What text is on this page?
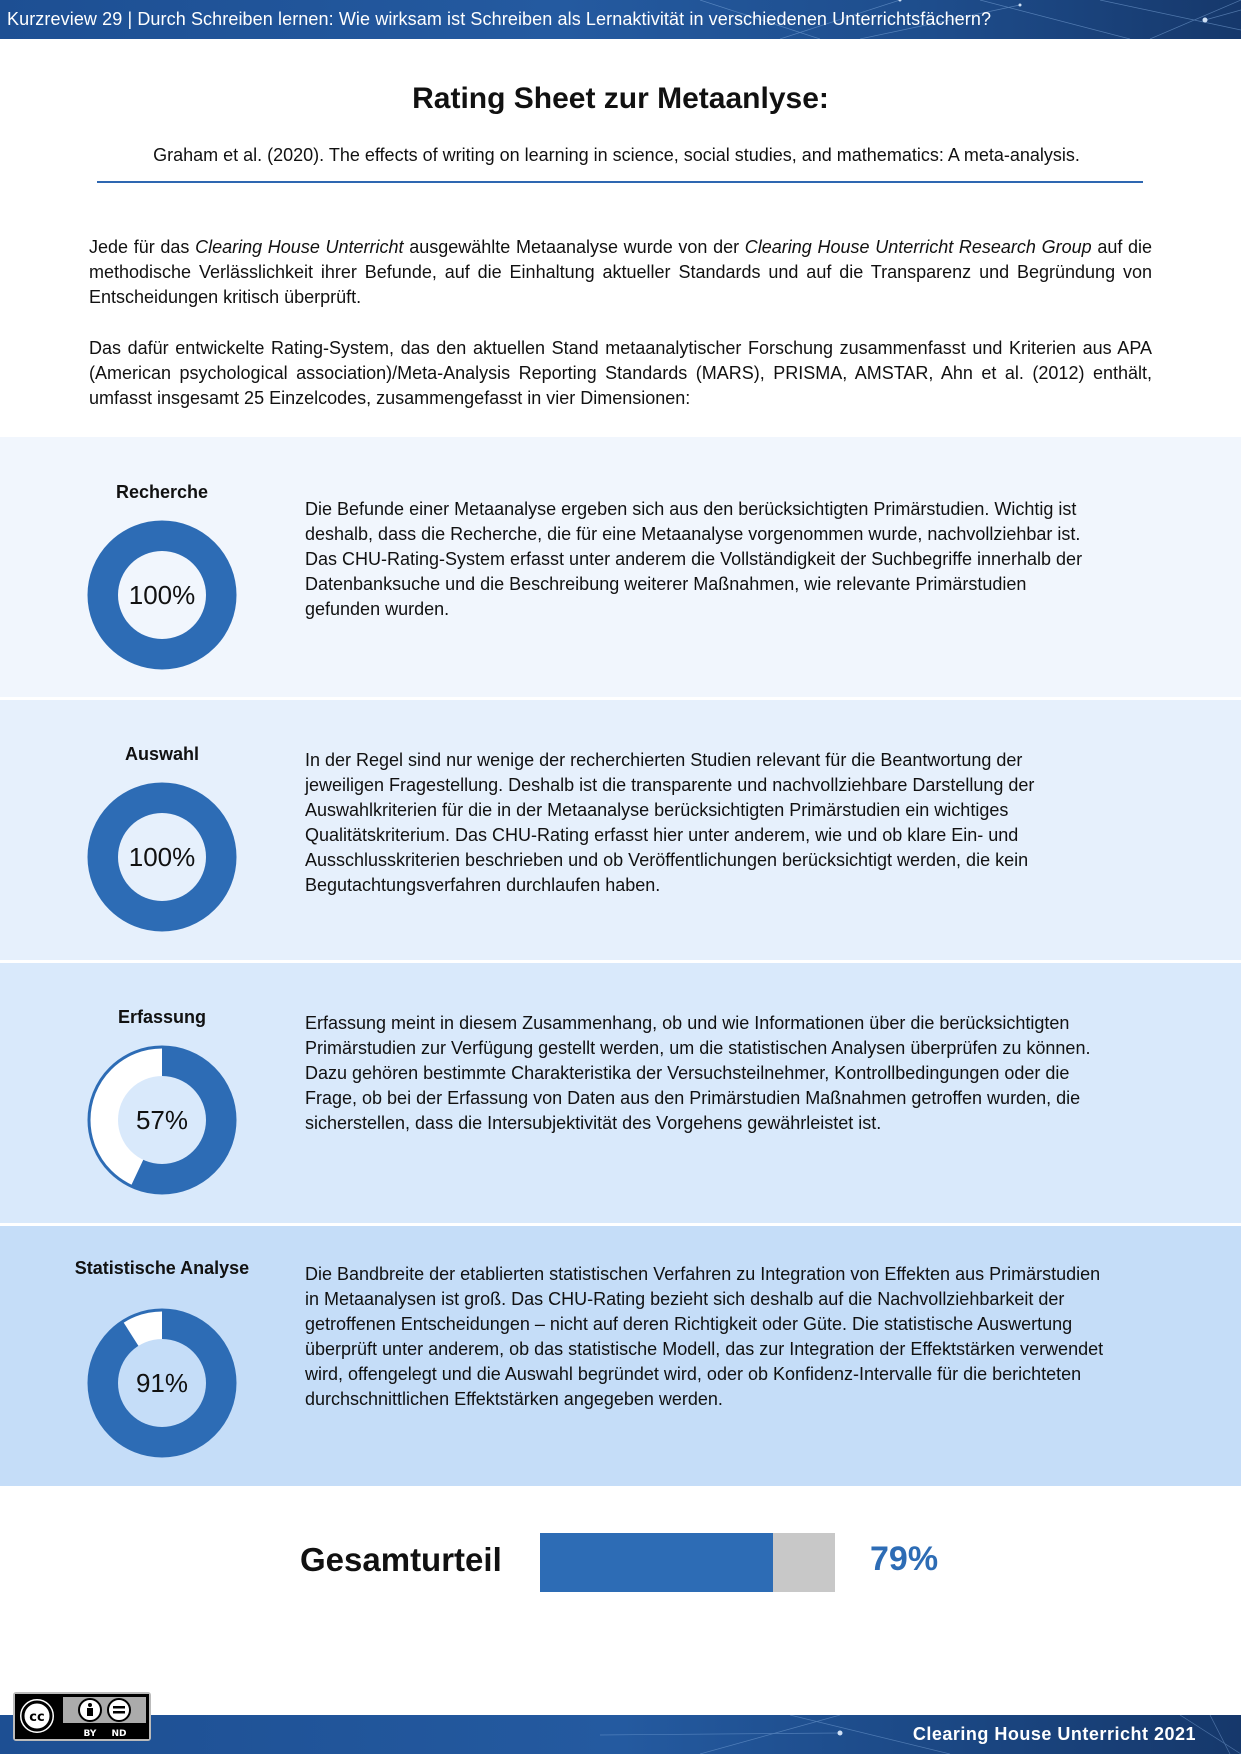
Kurzreview 29 | Durch Schreiben lernen: Wie wirksam ist Schreiben als Lernaktivität in verschiedenen Unterrichtsfächern?
Rating Sheet zur Metaanlyse:
Graham et al. (2020). The effects of writing on learning in science, social studies, and mathematics: A meta-analysis.
Jede für das Clearing House Unterricht ausgewählte Metaanalyse wurde von der Clearing House Unterricht Research Group auf die methodische Verlässlichkeit ihrer Befunde, auf die Einhaltung aktueller Standards und auf die Transparenz und Begründung von Entscheidungen kritisch überprüft.
Das dafür entwickelte Rating-System, das den aktuellen Stand metaanalytischer Forschung zusammenfasst und Kriterien aus APA (American psychological association)/Meta-Analysis Reporting Standards (MARS), PRISMA, AMSTAR, Ahn et al. (2012) enthält, umfasst insgesamt 25 Einzelcodes, zusammengefasst in vier Dimensionen:
Recherche
100%
Die Befunde einer Metaanalyse ergeben sich aus den berücksichtigten Primärstudien. Wichtig ist deshalb, dass die Recherche, die für eine Metaanalyse vorgenommen wurde, nachvollziehbar ist. Das CHU-Rating-System erfasst unter anderem die Vollständigkeit der Suchbegriffe innerhalb der Datenbanksuche und die Beschreibung weiterer Maßnahmen, wie relevante Primärstudien gefunden wurden.
Auswahl
100%
In der Regel sind nur wenige der recherchierten Studien relevant für die Beantwortung der jeweiligen Fragestellung. Deshalb ist die transparente und nachvollziehbare Darstellung der Auswahlkriterien für die in der Metaanalyse berücksichtigten Primärstudien ein wichtiges Qualitätskriterium. Das CHU-Rating erfasst hier unter anderem, wie und ob klare Ein- und Ausschlusskriterien beschrieben und ob Veröffentlichungen berücksichtigt werden, die kein Begutachtungsverfahren durchlaufen haben.
Erfassung
57%
Erfassung meint in diesem Zusammenhang, ob und wie Informationen über die berücksichtigten Primärstudien zur Verfügung gestellt werden, um die statistischen Analysen überprüfen zu können. Dazu gehören bestimmte Charakteristika der Versuchsteilnehmer, Kontrollbedingungen oder die Frage, ob bei der Erfassung von Daten aus den Primärstudien Maßnahmen getroffen wurden, die sicherstellen, dass die Intersubjektivität des Vorgehens gewährleistet ist.
Statistische Analyse
91%
Die Bandbreite der etablierten statistischen Verfahren zu Integration von Effekten aus Primärstudien in Metaanalysen ist groß. Das CHU-Rating bezieht sich deshalb auf die Nachvollziehbarkeit der getroffenen Entscheidungen – nicht auf deren Richtigkeit oder Güte. Die statistische Auswertung überprüft unter anderem, ob das statistische Modell, das zur Integration der Effektstärken verwendet wird, offengelegt und die Auswahl begründet wird, oder ob Konfidenz-Intervalle für die berichteten durchschnittlichen Effektstärken angegeben werden.
Gesamturteil	79%
Clearing House Unterricht 2021
cc
BY ND
